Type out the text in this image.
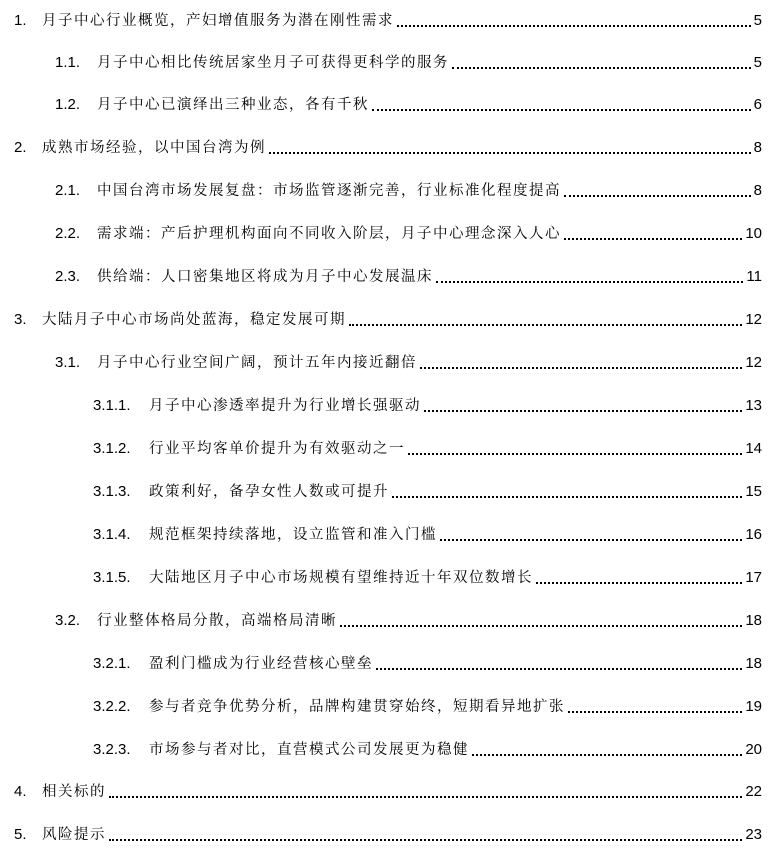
1.	月子中心行业概览，产妇增值服务为潜在刚性需求	5
1.1.	月子中心相比传统居家坐月子可获得更科学的服务	5
1.2.	月子中心已演绎出三种业态，各有千秋	6
2.	成熟市场经验，以中国台湾为例	8
2.1.	中国台湾市场发展复盘：市场监管逐渐完善，行业标准化程度提高	8
2.2.	需求端：产后护理机构面向不同收入阶层，月子中心理念深入人心	10
2.3.	供给端：人口密集地区将成为月子中心发展温床	11
3.	大陆月子中心市场尚处蓝海，稳定发展可期	12
3.1.	月子中心行业空间广阔，预计五年内接近翻倍	12
3.1.1.	月子中心渗透率提升为行业增长强驱动	13
3.1.2.	行业平均客单价提升为有效驱动之一	14
3.1.3.	政策利好，备孕女性人数或可提升	15
3.1.4.	规范框架持续落地，设立监管和准入门槛	16
3.1.5.	大陆地区月子中心市场规模有望维持近十年双位数增长	17
3.2.	行业整体格局分散，高端格局清晰	18
3.2.1.	盈利门槛成为行业经营核心壁垒	18
3.2.2.	参与者竞争优势分析，品牌构建贯穿始终，短期看异地扩张	19
3.2.3.	市场参与者对比，直营模式公司发展更为稳健	20
4.	相关标的	22
5.	风险提示	23
